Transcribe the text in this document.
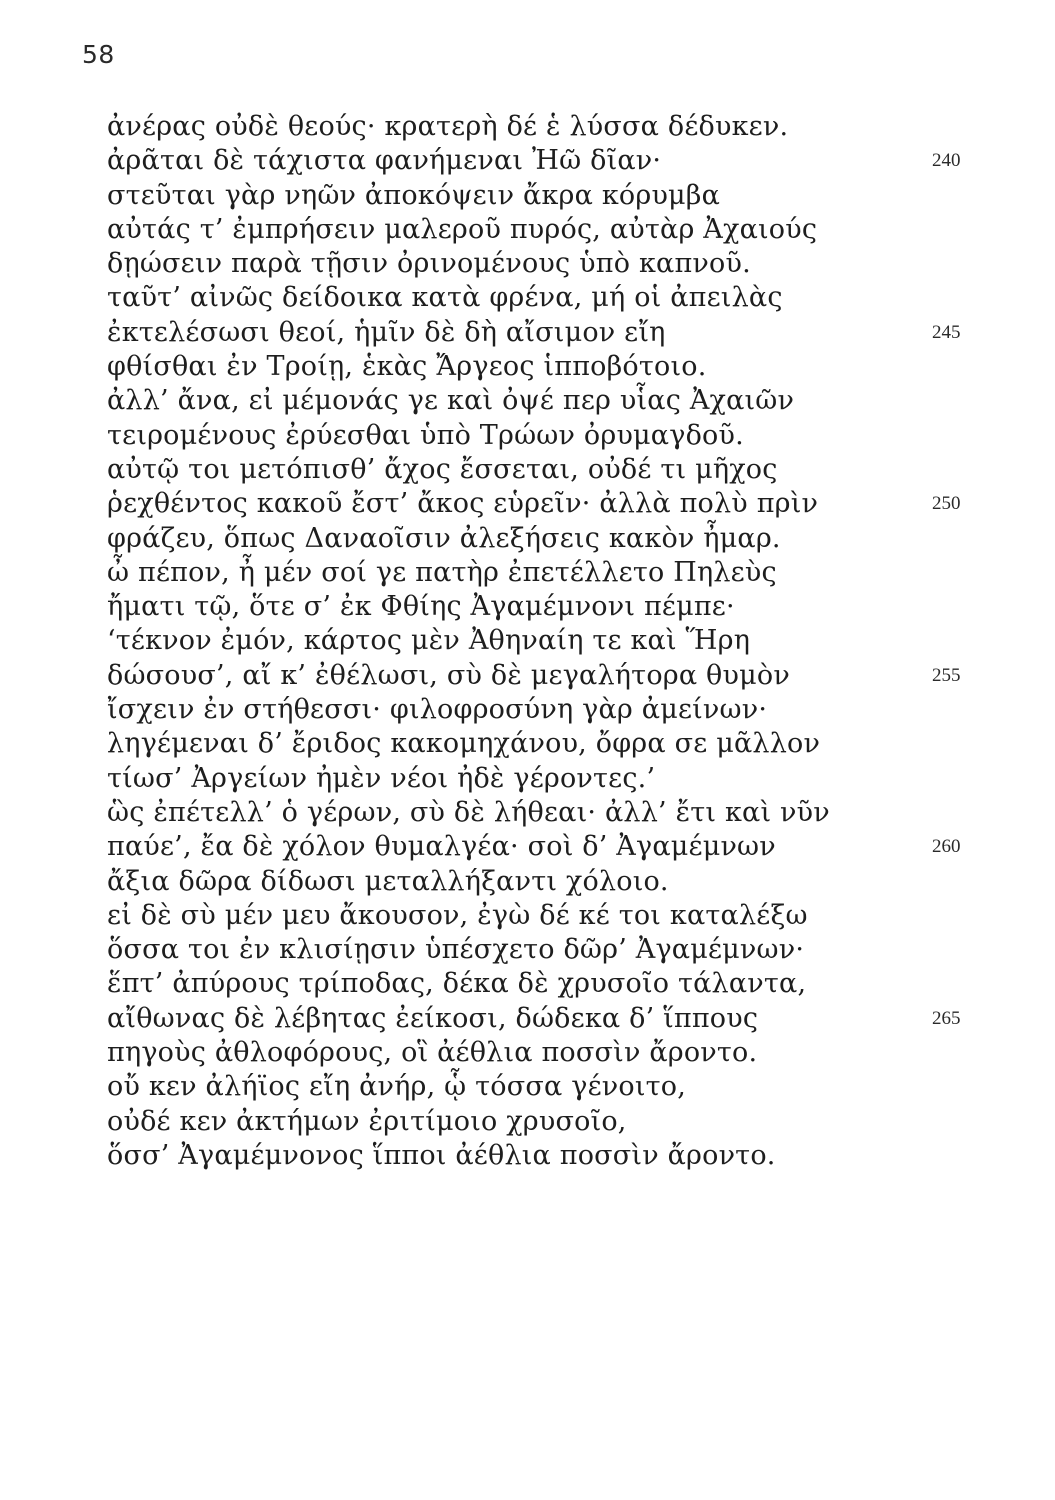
58
ἀνέρας οὐδὲ θεούς· κρατερὴ δέ ἑ λύσσα δέδυκεν.
ἀρᾶται δὲ τάχιστα φανήμεναι Ἠῶ δῖαν·	240
στεῦται γὰρ νηῶν ἀποκόψειν ἄκρα κόρυμβα
αὐτάς τ’ ἐμπρήσειν μαλεροῦ πυρός, αὐτὰρ Ἀχαιούς
δῃώσειν παρὰ τῇσιν ὀρινομένους ὑπὸ καπνοῦ.
ταῦτ’ αἰνῶς δείδοικα κατὰ φρένα, μή οἱ ἀπειλὰς
ἐκτελέσωσι θεοί, ἡμῖν δὲ δὴ αἴσιμον εἴη	245
φθίσθαι ἐν Τροίῃ, ἑκὰς Ἄργεος ἱπποβότοιο.
ἀλλ’ ἄνα, εἰ μέμονάς γε καὶ ὀψέ περ υἷας Ἀχαιῶν
τειρομένους ἐρύεσθαι ὑπὸ Τρώων ὀρυμαγδοῦ.
αὐτῷ τοι μετόπισθ’ ἄχος ἔσσεται, οὐδέ τι μῆχος
ῥεχθέντος κακοῦ ἔστ’ ἄκος εὑρεῖν· ἀλλὰ πολὺ πρὶν	250
φράζευ, ὅπως Δαναοῖσιν ἀλεξήσεις κακὸν ἦμαρ.
ὦ πέπον, ἦ μέν σοί γε πατὴρ ἐπετέλλετο Πηλεὺς
ἤματι τῷ, ὅτε σ’ ἐκ Φθίης Ἀγαμέμνονι πέμπε·
‘τέκνον ἐμόν, κάρτος μὲν Ἀθηναίη τε καὶ Ἥρη
δώσουσ’, αἴ κ’ ἐθέλωσι, σὺ δὲ μεγαλήτορα θυμὸν	255
ἴσχειν ἐν στήθεσσι· φιλοφροσύνη γὰρ ἀμείνων·
ληγέμεναι δ’ ἔριδος κακομηχάνου, ὄφρα σε μᾶλλον
τίωσ’ Ἀργείων ἠμὲν νέοι ἠδὲ γέροντες.’
ὣς ἐπέτελλ’ ὁ γέρων, σὺ δὲ λήθεαι· ἀλλ’ ἔτι καὶ νῦν
παύε’, ἔα δὲ χόλον θυμαλγέα· σοὶ δ’ Ἀγαμέμνων	260
ἄξια δῶρα δίδωσι μεταλλήξαντι χόλοιο.
εἰ δὲ σὺ μέν μευ ἄκουσον, ἐγὼ δέ κέ τοι καταλέξω
ὅσσα τοι ἐν κλισίῃσιν ὑπέσχετο δῶρ’ Ἀγαμέμνων·
ἕπτ’ ἀπύρους τρίποδας, δέκα δὲ χρυσοῖο τάλαντα,
αἴθωνας δὲ λέβητας ἐείκοσι, δώδεκα δ’ ἵππους	265
πηγοὺς ἀθλοφόρους, οἳ ἀέθλια ποσσὶν ἄροντο.
οὔ κεν ἀλήϊος εἴη ἀνήρ, ᾧ τόσσα γένοιτο,
οὐδέ κεν ἀκτήμων ἐριτίμοιο χρυσοῖο,
ὅσσ’ Ἀγαμέμνονος ἵπποι ἀέθλια ποσσὶν ἄροντο.
